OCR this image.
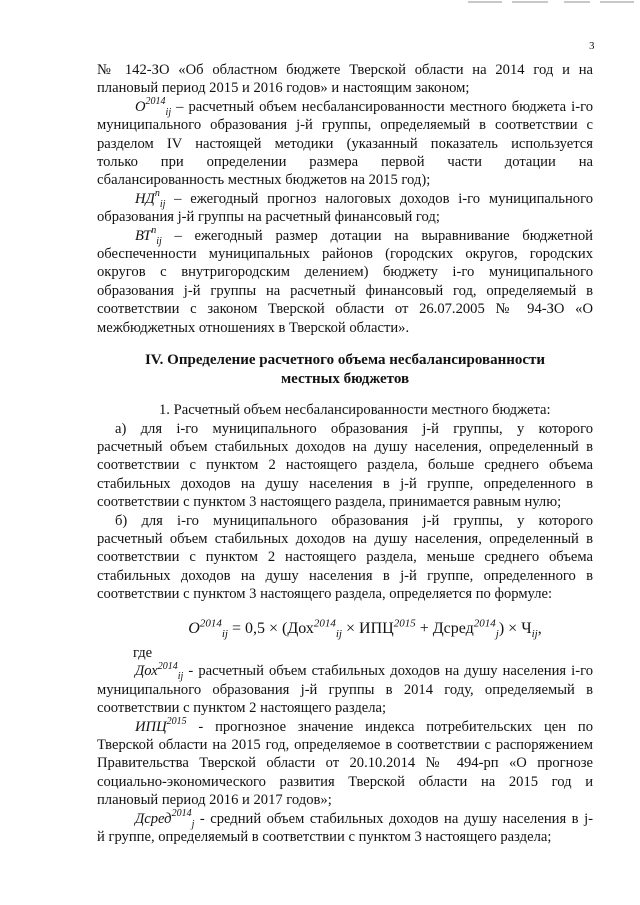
3
№ 142-ЗО «Об областном бюджете Тверской области на 2014 год и на
плановый период 2015 и 2016 годов» и настоящим законом;
$O^{2014}_{ij}$ – расчетный объем несбалансированности местного бюджета i-го
муниципального образования j-й группы, определяемый в соответствии с
разделом IV настоящей методики (указанный показатель используется
только при определении размера первой части дотации на
сбалансированность местных бюджетов на 2015 год);
$НД^п_{ij}$ – ежегодный прогноз налоговых доходов i-го муниципального
образования j-й группы на расчетный финансовый год;
$ВТ^п_{ij}$ – ежегодный размер дотации на выравнивание бюджетной
обеспеченности муниципальных районов (городских округов, городских
округов с внутригородским делением) бюджету i-го муниципального
образования j-й группы на расчетный финансовый год, определяемый в
соответствии с законом Тверской области от 26.07.2005 № 94-ЗО «О
межбюджетных отношениях в Тверской области».
IV. Определение расчетного объема несбалансированности
местных бюджетов
1. Расчетный объем несбалансированности местного бюджета:
а) для i-го муниципального образования j-й группы, у которого
расчетный объем стабильных доходов на душу населения, определенный в
соответствии с пунктом 2 настоящего раздела, больше среднего объема
стабильных доходов на душу населения в j-й группе, определенного в
соответствии с пунктом 3 настоящего раздела, принимается равным нулю;
б) для i-го муниципального образования j-й группы, у которого
расчетный объем стабильных доходов на душу населения, определенный в
соответствии с пунктом 2 настоящего раздела, меньше среднего объема
стабильных доходов на душу населения в j-й группе, определенного в
соответствии с пунктом 3 настоящего раздела, определяется по формуле:
$O^{2014}_{ij} = 0,5 \times (Дох^{2014}_{ij} \times ИПЦ^{2015}$ + Дсред$^{2014}_j$) × $Ч_{ij}$,
где
Дох$^{2014}_{ij}$ - расчетный объем стабильных доходов на душу населения i-го
муниципального образования j-й группы в 2014 году, определяемый в
соответствии с пунктом 2 настоящего раздела;
$ИПЦ^{2015}$ - прогнозное значение индекса потребительских цен по
Тверской области на 2015 год, определяемое в соответствии с распоряжением
Правительства Тверской области от 20.10.2014 № 494-рп «О прогнозе
социально-экономического развития Тверской области на 2015 год и
плановый период 2016 и 2017 годов»;
Дсред$^{2014}_j$ - средний объем стабильных доходов на душу населения в j-
й группе, определяемый в соответствии с пунктом 3 настоящего раздела;
